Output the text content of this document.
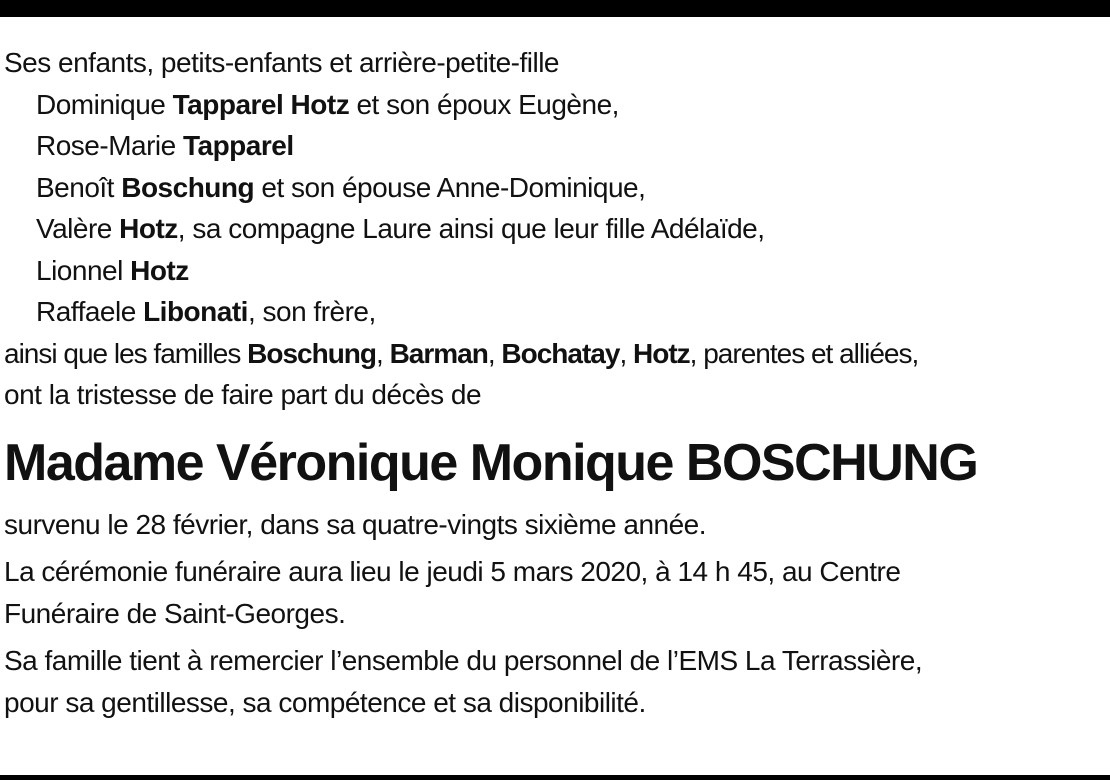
Ses enfants, petits-enfants et arrière-petite-fille

Dominique Tapparel Hotz et son époux Eugène,

Rose-Marie Tapparel

Benoît Boschung et son épouse Anne-Dominique,

Valère Hotz, sa compagne Laure ainsi que leur fille Adélaïde,

Lionnel Hotz

Raffaele Libonati, son frère,

ainsi que les familles Boschung, Barman, Bochatay, Hotz, parentes et alliées,

ont la tristesse de faire part du décès de

Madame Véronique Monique BOSCHUNG

survenu le 28 février, dans sa quatre-vingts sixième année.

La cérémonie funéraire aura lieu le jeudi 5 mars 2020, à 14 h 45, au Centre

Funéraire de Saint-Georges.

Sa famille tient à remercier l’ensemble du personnel de l’EMS La Terrassière,

pour sa gentillesse, sa compétence et sa disponibilité.
